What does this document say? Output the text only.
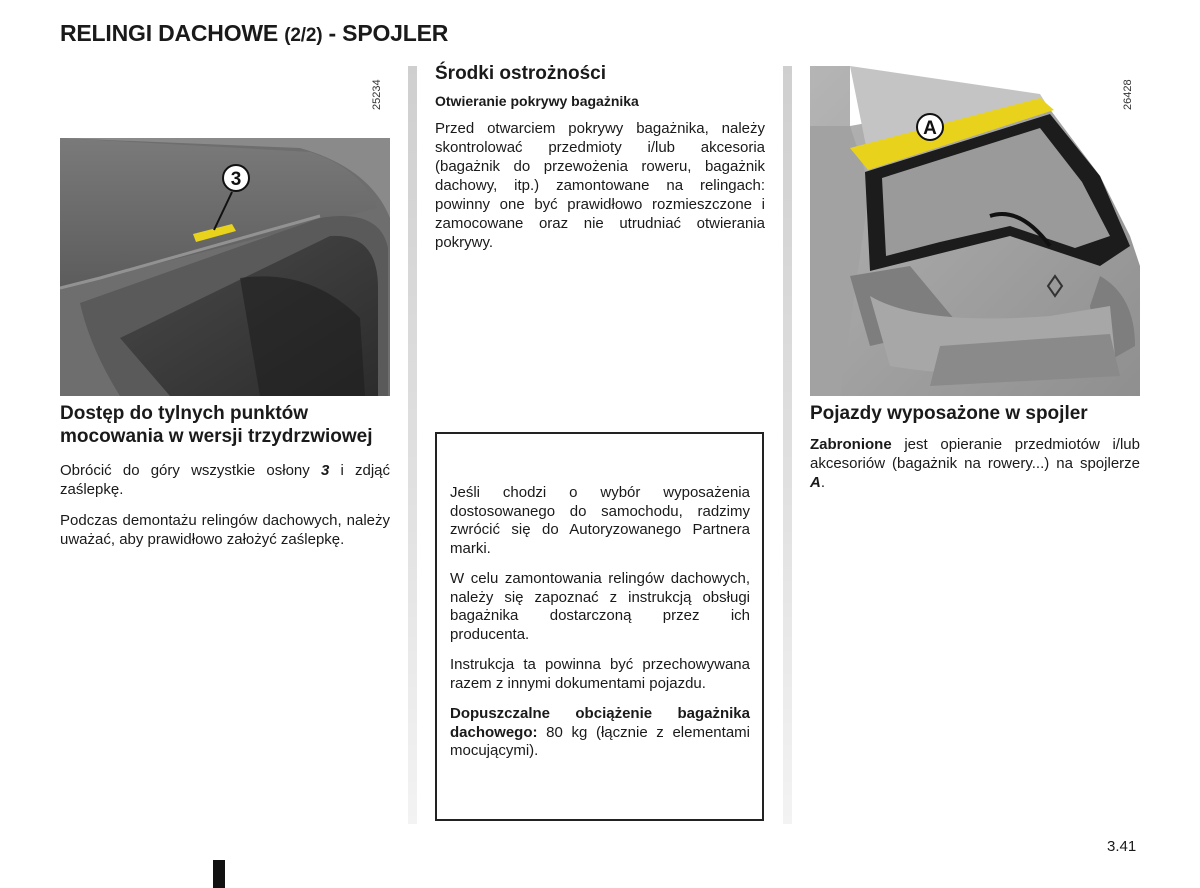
RELINGI DACHOWE (2/2) - SPOJLER
3
25234
A
26428
Dostęp do tylnych punktów mocowania w wersji trzydrzwiowej

Obrócić do góry wszystkie osłony 3 i zdjąć zaślepkę.

Podczas demontażu relingów dachowych, należy uważać, aby prawidłowo założyć zaślepkę.

Środki ostrożności
Otwieranie pokrywy bagażnika

Przed otwarciem pokrywy bagażnika, należy skontrolować przedmioty i/lub akcesoria (bagażnik do przewożenia roweru, bagażnik dachowy, itp.) zamontowane na relingach: powinny one być prawidłowo rozmieszczone i zamocowane oraz nie utrudniać otwierania pokrywy.

Jeśli chodzi o wybór wyposażenia dostosowanego do samochodu, radzimy zwrócić się do Autoryzowanego Partnera marki.

W celu zamontowania relingów dachowych, należy się zapoznać z instrukcją obsługi bagażnika dostarczoną przez ich producenta.

Instrukcja ta powinna być przechowywana razem z innymi dokumentami pojazdu.

Dopuszczalne obciążenie bagażnika dachowego: 80 kg (łącznie z elementami mocującymi).

Pojazdy wyposażone w spojler

Zabronione jest opieranie przedmiotów i/lub akcesoriów (bagażnik na rowery...) na spojlerze A.

3.41
